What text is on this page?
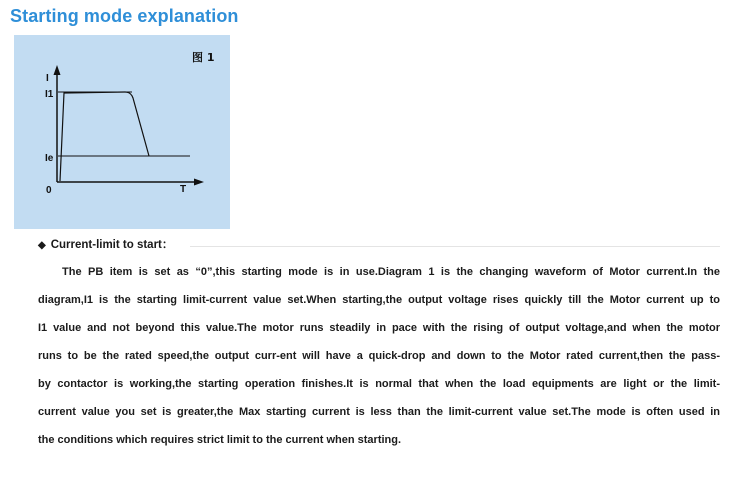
Starting mode explanation
图 1
I
I1
Ie
0	T
◆ Current-limit to start：
The PB item is set as “0”,this starting mode is in use.Diagram 1 is the changing waveform of Motor current.In the
diagram,I1 is the starting limit-current value set.When starting,the output voltage rises quickly till the Motor current up to
I1 value and not beyond this value.The motor runs steadily in pace with the rising of output voltage,and when the motor
runs to be the rated speed,the output curr-ent will have a quick-drop and down to the Motor rated current,then the pass-
by contactor is working,the starting operation finishes.It is normal that when the load equipments are light or the limit-
current value you set is greater,the Max starting current is less than the limit-current value set.The mode is often used in
the conditions which requires strict limit to the current when starting.
